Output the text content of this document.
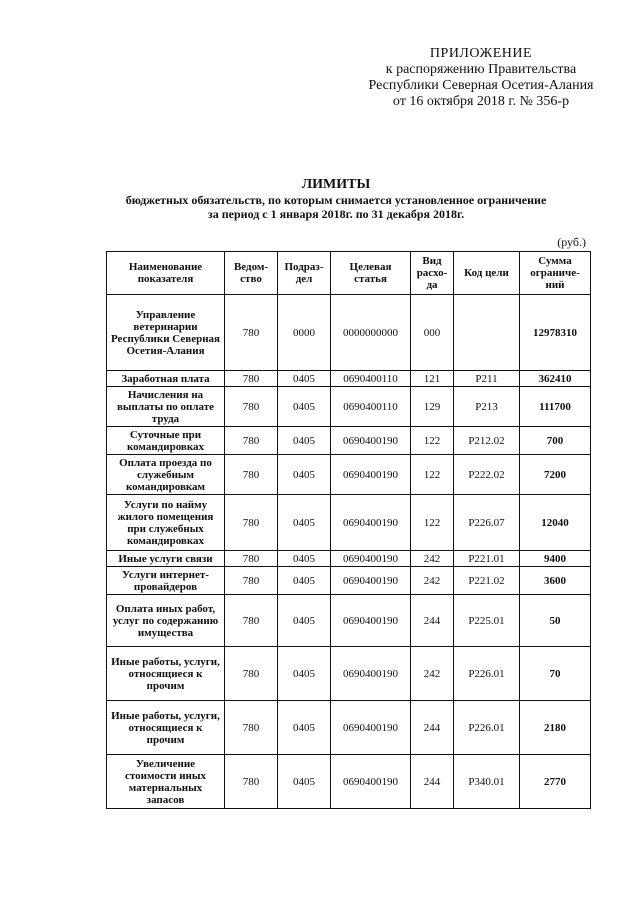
ПРИЛОЖЕНИЕ
к распоряжению Правительства
Республики Северная Осетия-Алания
от 16 октября 2018 г. № 356-р
ЛИМИТЫ
бюджетных обязательств, по которым снимается установленное ограничение
за период с 1 января 2018г. по 31 декабря 2018г.
(руб.)
Наименование показателя	Ведом-ство	Подраз-дел	Целевая статья	Вид расхо-да	Код цели	Сумма ограниче-ний
Управление ветеринарии Республики Северная Осетия-Алания	780	0000	0000000000	000		12978310
Заработная плата	780	0405	0690400110	121	Р211	362410
Начисления на выплаты по оплате труда	780	0405	0690400110	129	Р213	111700
Суточные при командировках	780	0405	0690400190	122	Р212.02	700
Оплата проезда по служебным командировкам	780	0405	0690400190	122	Р222.02	7200
Услуги по найму жилого помещения при служебных командировках	780	0405	0690400190	122	Р226.07	12040
Иные услуги связи	780	0405	0690400190	242	Р221.01	9400
Услуги интернет-провайдеров	780	0405	0690400190	242	Р221.02	3600
Оплата иных работ, услуг по содержанию имущества	780	0405	0690400190	244	Р225.01	50
Иные работы, услуги, относящиеся к прочим	780	0405	0690400190	242	Р226.01	70
Иные работы, услуги, относящиеся к прочим	780	0405	0690400190	244	Р226.01	2180
Увеличение стоимости иных материальных запасов	780	0405	0690400190	244	Р340.01	2770
